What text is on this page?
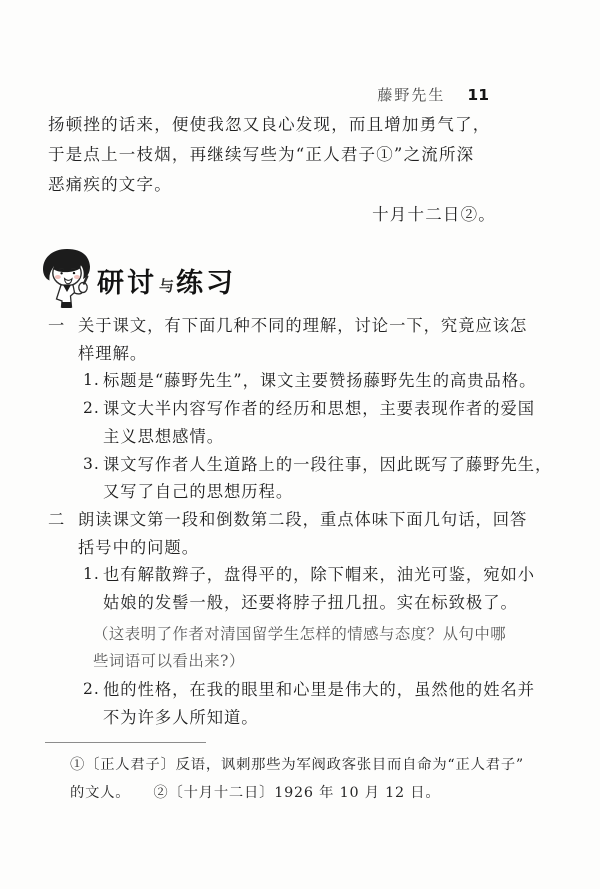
藤野先生 11
扬顿挫的话来，便使我忽又良心发现，而且增加勇气了，
于是点上一枝烟，再继续写些为“正人君子①”之流所深
恶痛疾的文字。
十月十二日②。
研讨 与练习
一 关于课文，有下面几种不同的理解，讨论一下，究竟应该怎
样理解。
1. 标题是“藤野先生”，课文主要赞扬藤野先生的高贵品格。
2. 课文大半内容写作者的经历和思想，主要表现作者的爱国
主义思想感情。
3. 课文写作者人生道路上的一段往事，因此既写了藤野先生，
又写了自己的思想历程。
二 朗读课文第一段和倒数第二段，重点体味下面几句话，回答
括号中的问题。
1. 也有解散辫子，盘得平的，除下帽来，油光可鉴，宛如小
姑娘的发髻一般，还要将脖子扭几扭。实在标致极了。
（这表明了作者对清国留学生怎样的情感与态度？从句中哪
些词语可以看出来?）
2. 他的性格，在我的眼里和心里是伟大的，虽然他的姓名并
不为许多人所知道。
①〔正人君子〕反语，讽刺那些为军阀政客张目而自命为“正人君子”
的文人。　　②〔十月十二日〕1926 年 10 月 12 日。
